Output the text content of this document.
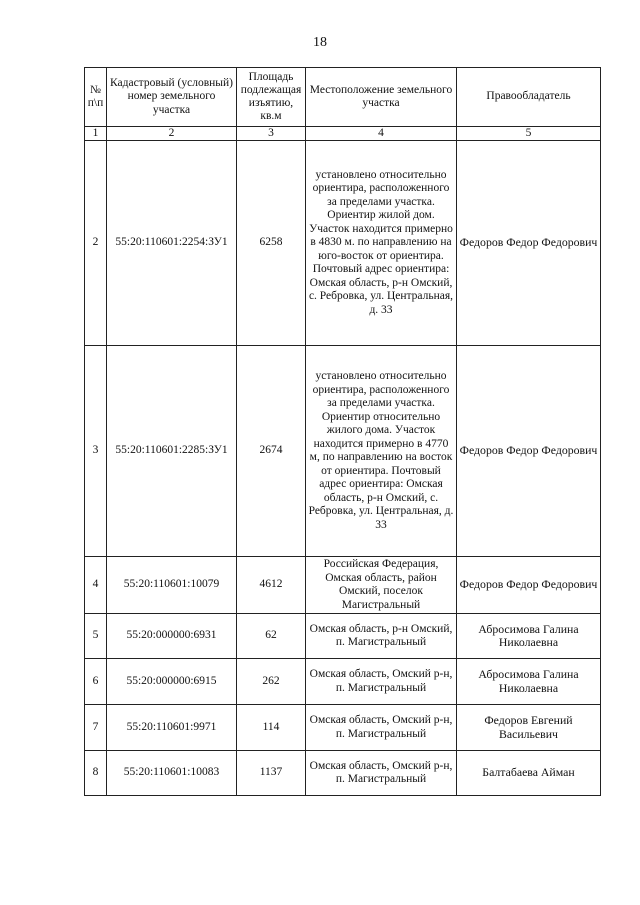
18
№ п\п	Кадастровый (условный) номер земельного участка	Площадь подлежащая изъятию, кв.м	Местоположение земельного участка	Правообладатель
1	2	3	4	5
2	55:20:110601:2254:ЗУ1	6258	установлено относительно ориентира, расположенного за пределами участка. Ориентир жилой дом. Участок находится примерно в 4830 м. по направлению на юго-восток от ориентира. Почтовый адрес ориентира: Омская область, р-н Омский, с. Ребровка, ул. Центральная, д. 33	Федоров Федор Федорович
3	55:20:110601:2285:ЗУ1	2674	установлено относительно ориентира, расположенного за пределами участка. Ориентир относительно жилого дома. Участок находится примерно в 4770 м, по направлению на восток от ориентира. Почтовый адрес ориентира: Омская область, р-н Омский, с. Ребровка, ул. Центральная, д. 33	Федоров Федор Федорович
4	55:20:110601:10079	4612	Российская Федерация, Омская область, район Омский, поселок Магистральный	Федоров Федор Федорович
5	55:20:000000:6931	62	Омская область, р-н Омский, п. Магистральный	Абросимова Галина Николаевна
6	55:20:000000:6915	262	Омская область, Омский р-н, п. Магистральный	Абросимова Галина Николаевна
7	55:20:110601:9971	114	Омская область, Омский р-н, п. Магистральный	Федоров Евгений Васильевич
8	55:20:110601:10083	1137	Омская область, Омский р-н, п. Магистральный	Балтабаева Айман
